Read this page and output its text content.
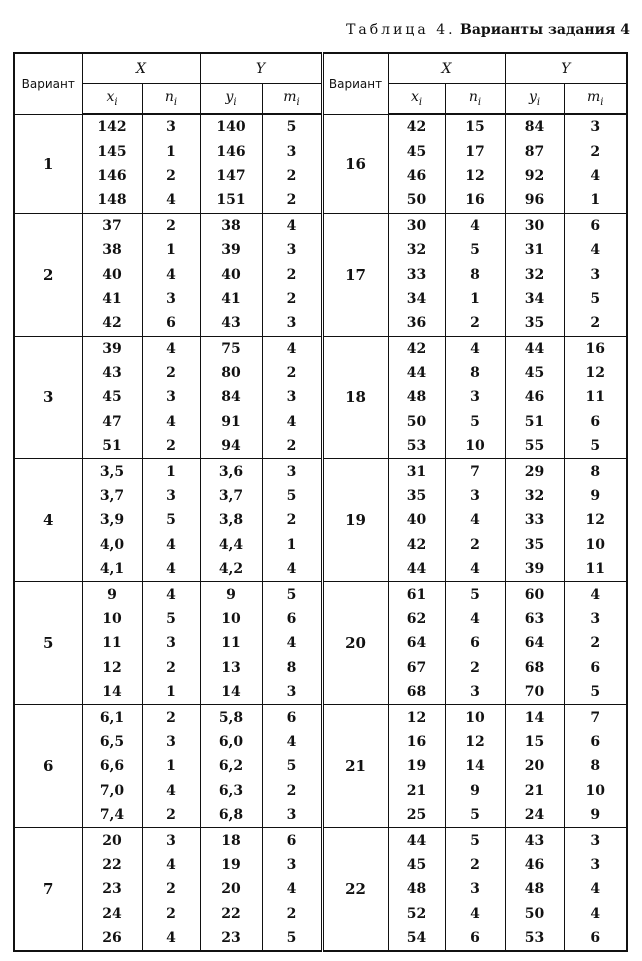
Таблица 4. Варианты задания 4
Вариант	X		Y		Вариант	X		Y	
	$x_i$	$n_i$	$y_i$	$m_i$		$x_i$	$n_i$	$y_i$	$m_i$
1	142	3	140	5	16	42	15	84	3
	145	1	146	3		45	17	87	2
	146	2	147	2		46	12	92	4
	148	4	151	2		50	16	96	1
2	37	2	38	4	17	30	4	30	6
	38	1	39	3		32	5	31	4
	40	4	40	2		33	8	32	3
	41	3	41	2		34	1	34	5
	42	6	43	3		36	2	35	2
3	39	4	75	4	18	42	4	44	16
	43	2	80	2		44	8	45	12
	45	3	84	3		48	3	46	11
	47	4	91	4		50	5	51	6
	51	2	94	2		53	10	55	5
4	3,5	1	3,6	3	19	31	7	29	8
	3,7	3	3,7	5		35	3	32	9
	3,9	5	3,8	2		40	4	33	12
	4,0	4	4,4	1		42	2	35	10
	4,1	4	4,2	4		44	4	39	11
5	9	4	9	5	20	61	5	60	4
	10	5	10	6		62	4	63	3
	11	3	11	4		64	6	64	2
	12	2	13	8		67	2	68	6
	14	1	14	3		68	3	70	5
6	6,1	2	5,8	6	21	12	10	14	7
	6,5	3	6,0	4		16	12	15	6
	6,6	1	6,2	5		19	14	20	8
	7,0	4	6,3	2		21	9	21	10
	7,4	2	6,8	3		25	5	24	9
7	20	3	18	6	22	44	5	43	3
	22	4	19	3		45	2	46	3
	23	2	20	4		48	3	48	4
	24	2	22	2		52	4	50	4
	26	4	23	5		54	6	53	6
